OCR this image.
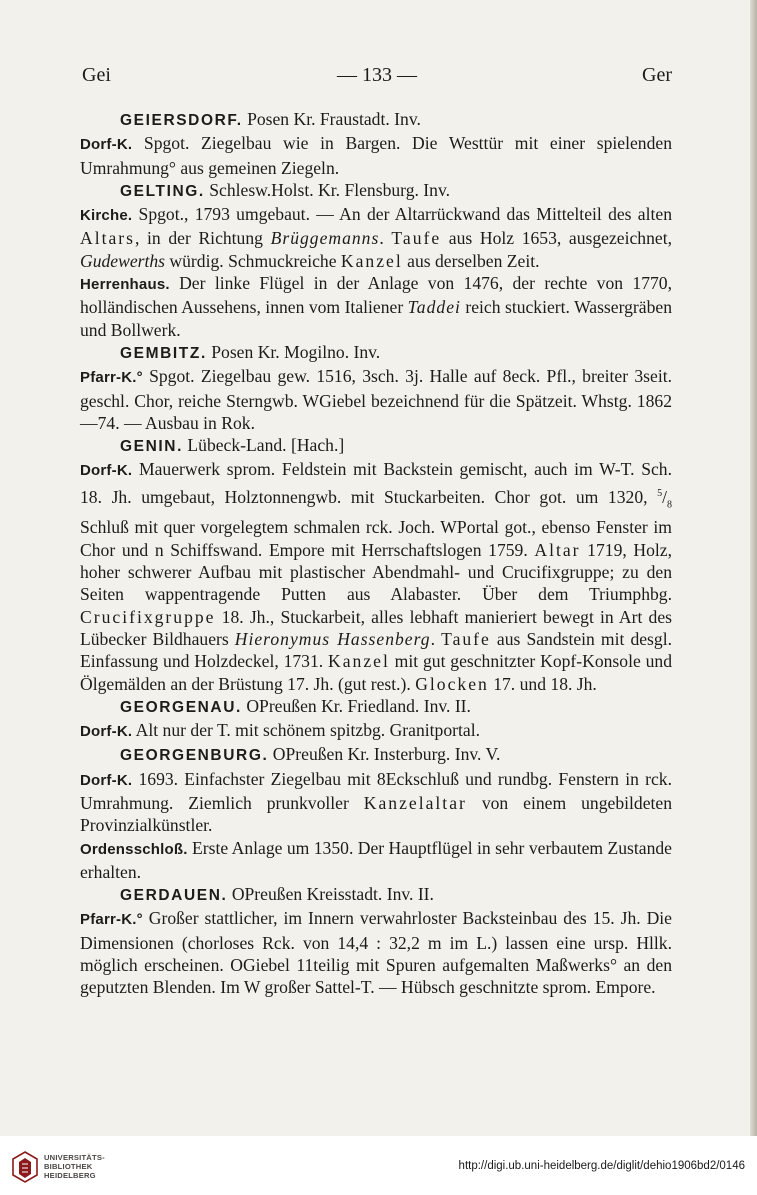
Gei	— 133 —	Ger

GEIERSDORF. Posen Kr. Fraustadt. Inv.

Dorf-K. Spgot. Ziegelbau wie in Bargen. Die Westtür mit einer spielenden Umrahmung° aus gemeinen Ziegeln.

GELTING. Schlesw.Holst. Kr. Flensburg. Inv.

Kirche. Spgot., 1793 umgebaut. — An der Altarrückwand das Mittelteil des alten Altars, in der Richtung Brüggemanns. Taufe aus Holz 1653, ausgezeichnet, Gudewerths würdig. Schmuckreiche Kanzel aus derselben Zeit.

Herrenhaus. Der linke Flügel in der Anlage von 1476, der rechte von 1770, holländischen Aussehens, innen vom Italiener Taddei reich stuckiert. Wassergräben und Bollwerk.

GEMBITZ. Posen Kr. Mogilno. Inv.

Pfarr-K.° Spgot. Ziegelbau gew. 1516, 3sch. 3j. Halle auf 8eck. Pfl., breiter 3seit. geschl. Chor, reiche Sterngwb. WGiebel bezeichnend für die Spätzeit. Whstg. 1862—74. — Ausbau in Rok.

GENIN. Lübeck-Land. [Hach.]

Dorf-K. Mauerwerk sprom. Feldstein mit Backstein gemischt, auch im W-T. Sch. 18. Jh. umgebaut, Holztonnengwb. mit Stuckarbeiten. Chor got. um 1320, $^5/_8$ Schluß mit quer vorgelegtem schmalen rck. Joch. WPortal got., ebenso Fenster im Chor und n Schiffswand. Empore mit Herrschaftslogen 1759. Altar 1719, Holz, hoher schwerer Aufbau mit plastischer Abendmahl- und Crucifixgruppe; zu den Seiten wappentragende Putten aus Alabaster. Über dem Triumphbg. Crucifixgruppe 18. Jh., Stuckarbeit, alles lebhaft manieriert bewegt in Art des Lübecker Bildhauers Hieronymus Hassenberg. Taufe aus Sandstein mit desgl. Einfassung und Holzdeckel, 1731. Kanzel mit gut geschnitzter Kopf-Konsole und Ölgemälden an der Brüstung 17. Jh. (gut rest.). Glocken 17. und 18. Jh.

GEORGENAU. OPreußen Kr. Friedland. Inv. II.

Dorf-K. Alt nur der T. mit schönem spitzbg. Granitportal.

GEORGENBURG. OPreußen Kr. Insterburg. Inv. V.

Dorf-K. 1693. Einfachster Ziegelbau mit 8Eckschluß und rundbg. Fenstern in rck. Umrahmung. Ziemlich prunkvoller Kanzelaltar von einem ungebildeten Provinzialkünstler.

Ordensschloß. Erste Anlage um 1350. Der Hauptflügel in sehr verbautem Zustande erhalten.

GERDAUEN. OPreußen Kreisstadt. Inv. II.

Pfarr-K.° Großer stattlicher, im Innern verwahrloster Backsteinbau des 15. Jh. Die Dimensionen (chorloses Rck. von 14,4 : 32,2 m im L.) lassen eine ursp. Hllk. möglich erscheinen. OGiebel 11teilig mit Spuren aufgemalten Maßwerks° an den geputzten Blenden. Im W großer Sattel-T. — Hübsch geschnitzte sprom. Empore.

UNIVERSITÄTS-
BIBLIOTHEK
HEIDELBERG
http://digi.ub.uni-heidelberg.de/diglit/dehio1906bd2/0146
